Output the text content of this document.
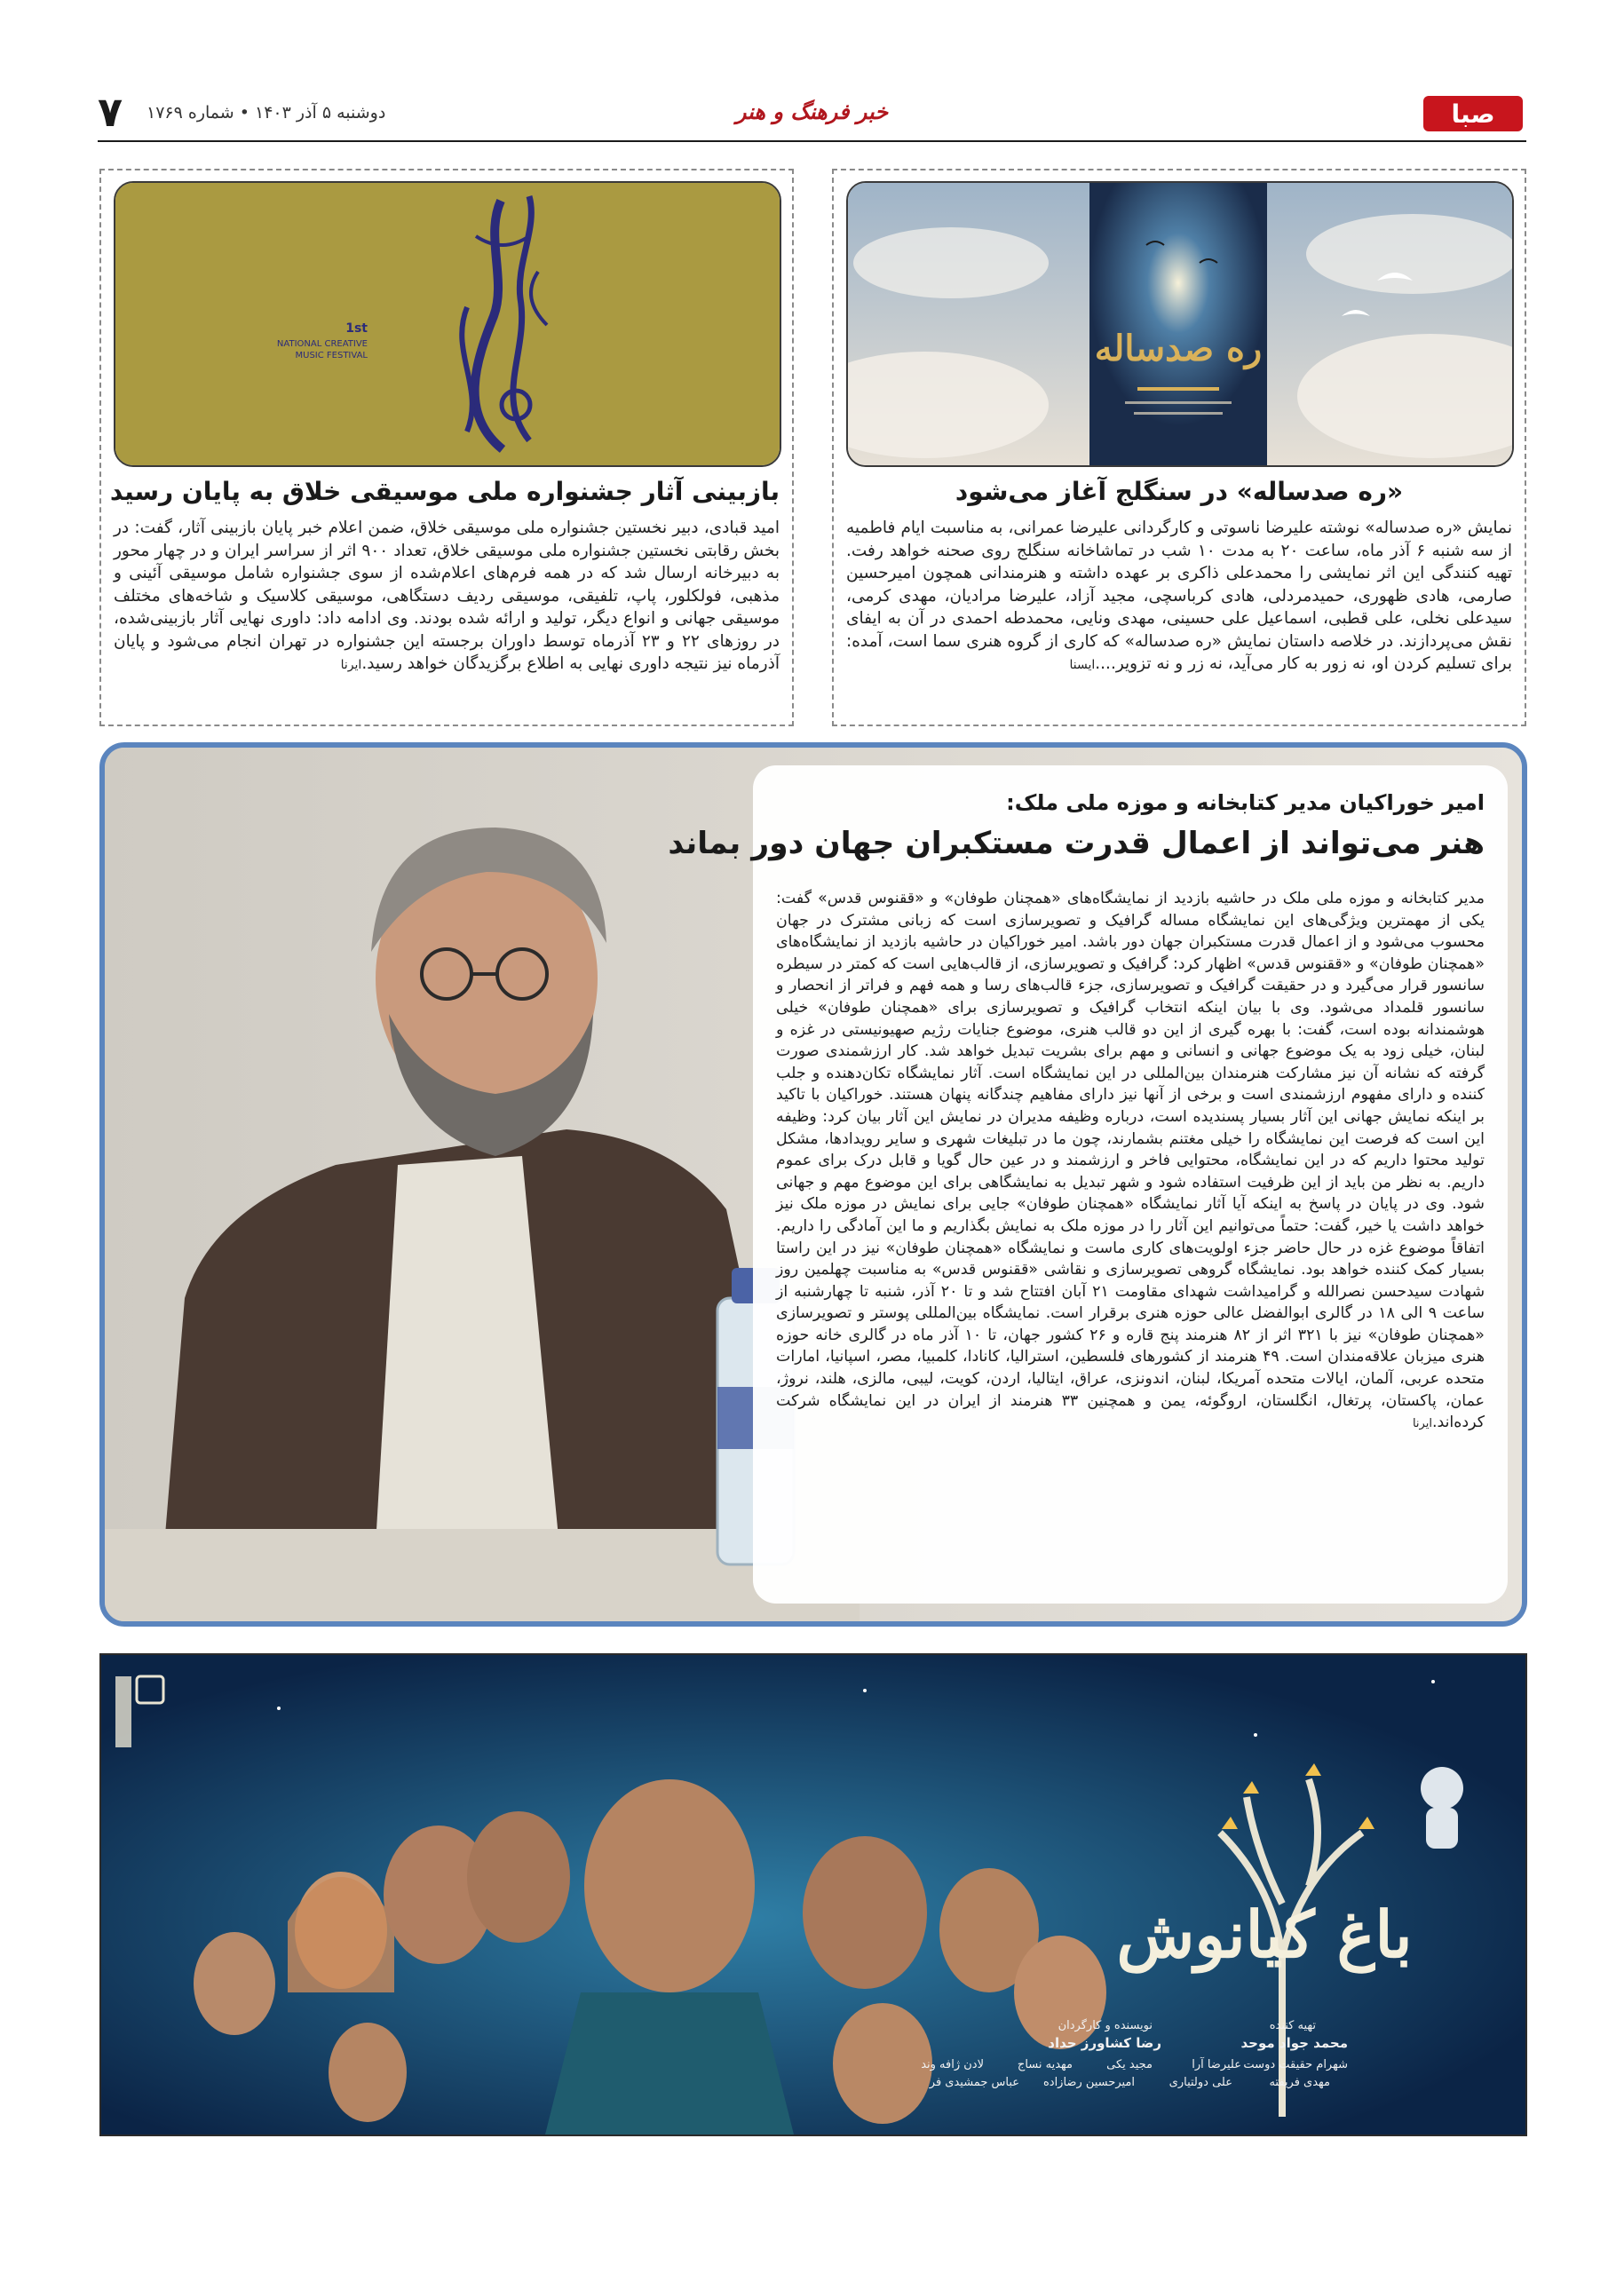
صبا
خبر فرهنگ و هنر
دوشنبه ۵ آذر ۱۴۰۳ • شماره ۱۷۶۹
۷
ره صدساله
«ره صدساله» در سنگلج آغاز می‌شود

نمایش «ره صدساله» نوشته علیرضا ناسوتی و کارگردانی علیرضا عمرانی، به مناسبت ایام فاطمیه از سه شنبه ۶ آذر ماه، ساعت ۲۰ به مدت ۱۰ شب در تماشاخانه سنگلج روی صحنه خواهد رفت. تهیه کنندگی این اثر نمایشی را محمدعلی ذاکری بر عهده داشته و هنرمندانی همچون امیرحسین صارمی، هادی ظهوری، حمیدمردلی، هادی کرباسچی، مجید آزاد، علیرضا مرادیان، مهدی کرمی، سیدعلی نخلی، علی قطبی، اسماعیل علی حسینی، مهدی ونایی، محمدطه احمدی در آن به ایفای نقش می‌پردازند. در خلاصه داستان نمایش «ره صدساله» که کاری از گروه هنری سما است، آمده: برای تسلیم کردن او، نه زور به کار می‌آید، نه زر و نه تزویر....ایسنا

1st
NATIONAL CREATIVE
MUSIC FESTIVAL
بازبینی آثار جشنواره ملی موسیقی خلاق به پایان رسید

امید قبادی، دبیر نخستین جشنواره ملی موسیقی خلاق، ضمن اعلام خبر پایان بازبینی آثار، گفت: در بخش رقابتی نخستین جشنواره ملی موسیقی خلاق، تعداد ۹۰۰ اثر از سراسر ایران و در چهار محور به دبیرخانه ارسال شد که در همه فرم‌های اعلام‌شده از سوی جشنواره شامل موسیقی آئینی و مذهبی، فولکلور، پاپ، تلفیقی، موسیقی ردیف دستگاهی، موسیقی کلاسیک و شاخه‌های مختلف موسیقی جهانی و انواع دیگر، تولید و ارائه شده بودند. وی ادامه داد: داوری نهایی آثار بازبینی‌شده، در روزهای ۲۲ و ۲۳ آذرماه توسط داوران برجسته این جشنواره در تهران انجام می‌شود و پایان آذرماه نیز نتیجه داوری نهایی به اطلاع برگزیدگان خواهد رسید.ایرنا

امیر خوراکیان مدیر کتابخانه و موزه ملی ملک:
هنر می‌تواند از اعمال قدرت مستکبران جهان دور بماند

مدیر کتابخانه و موزه ملی ملک در حاشیه بازدید از نمایشگاه‌های «همچنان طوفان» و «ققنوس قدس» گفت: یکی از مهمترین ویژگی‌های این نمایشگاه مساله گرافیک و تصویرسازی است که زبانی مشترک در جهان محسوب می‌شود و از اعمال قدرت مستکبران جهان دور باشد. امیر خوراکیان در حاشیه بازدید از نمایشگاه‌های «همچنان طوفان» و «ققنوس قدس» اظهار کرد: گرافیک و تصویرسازی، از قالب‌هایی است که کمتر در سیطره سانسور قرار می‌گیرد و در حقیقت گرافیک و تصویرسازی، جزء قالب‌های رسا و همه فهم و فراتر از انحصار و سانسور قلمداد می‌شود. وی با بیان اینکه انتخاب گرافیک و تصویرسازی برای «همچنان طوفان» خیلی هوشمندانه بوده است، گفت: با بهره گیری از این دو قالب هنری، موضوع جنایات رژیم صهیونیستی در غزه و لبنان، خیلی زود به یک موضوع جهانی و انسانی و مهم برای بشریت تبدیل خواهد شد. کار ارزشمندی صورت گرفته که نشانه آن نیز مشارکت هنرمندان بین‌المللی در این نمایشگاه است. آثار نمایشگاه تکان‌دهنده و جلب کننده و دارای مفهوم ارزشمندی است و برخی از آنها نیز دارای مفاهیم چندگانه پنهان هستند. خوراکیان با تاکید بر اینکه نمایش جهانی این آثار بسیار پسندیده است، درباره وظیفه مدیران در نمایش این آثار بیان کرد: وظیفه این است که فرصت این نمایشگاه را خیلی مغتنم بشمارند، چون ما در تبلیغات شهری و سایر رویدادها، مشکل تولید محتوا داریم که در این نمایشگاه، محتوایی فاخر و ارزشمند و در عین حال گویا و قابل درک برای عموم داریم. به نظر من باید از این ظرفیت استفاده شود و شهر تبدیل به نمایشگاهی برای این موضوع مهم و جهانی شود. وی در پایان در پاسخ به اینکه آیا آثار نمایشگاه «همچنان طوفان» جایی برای نمایش در موزه ملک نیز خواهد داشت یا خیر، گفت: حتماً می‌توانیم این آثار را در موزه ملک به نمایش بگذاریم و ما این آمادگی را داریم. اتفاقاً موضوع غزه در حال حاضر جزء اولویت‌های کاری ماست و نمایشگاه «همچنان طوفان» نیز در این راستا بسیار کمک کننده خواهد بود. نمایشگاه گروهی تصویرسازی و نقاشی «ققنوس قدس» به مناسبت چهلمین روز شهادت سیدحسن نصرالله و گرامیداشت شهدای مقاومت ۲۱ آبان افتتاح شد و تا ۲۰ آذر، شنبه تا چهارشنبه از ساعت ۹ الی ۱۸ در گالری ابوالفضل عالی حوزه هنری برقرار است. نمایشگاه بین‌المللی پوستر و تصویرسازی «همچنان طوفان» نیز با ۳۲۱ اثر از ۸۲ هنرمند پنج قاره و ۲۶ کشور جهان، تا ۱۰ آذر ماه در گالری خانه حوزه هنری میزبان علاقه‌مندان است. ۴۹ هنرمند از کشورهای فلسطین، استرالیا، کانادا، کلمبیا، مصر، اسپانیا، امارات متحده عربی، آلمان، ایالات متحده آمریکا، لبنان، اندونزی، عراق، ایتالیا، اردن، کویت، لیبی، مالزی، هلند، نروژ، عمان، پاکستان، پرتغال، انگلستان، اروگوئه، یمن و همچنین ۳۳ هنرمند از ایران در این نمایشگاه شرکت کرده‌اند.ایرنا

باغ کیانوش
تهیه کننده
محمد جواد موحد
نویسنده و کارگردان
رضا کشاورز حداد
شهرام حقیقت دوست
علیرضا آرا
مجید یکی
مهدیه نساج
لادن ژافه وند
مهدی فریفته
علی دولتیاری
امیرحسین رضازاده
عباس جمشیدی فر
